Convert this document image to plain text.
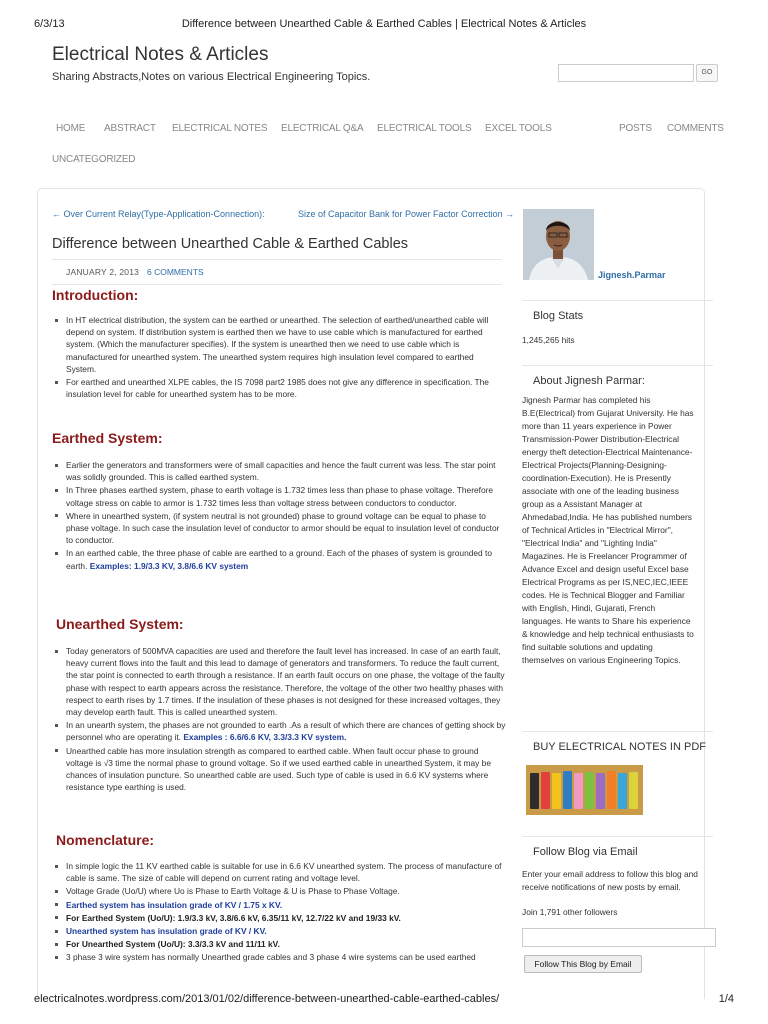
6/3/13	Difference between Unearthed Cable & Earthed Cables | Electrical Notes & Articles
Electrical Notes & Articles
Sharing Abstracts,Notes on various Electrical Engineering Topics.	GO
HOME ABSTRACT ELECTRICAL NOTES ELECTRICAL Q&A ELECTRICAL TOOLS EXCEL TOOLS
UNCATEGORIZED
POSTS COMMENTS
← Over Current Relay(Type-Application-Connection):	Size of Capacitor Bank for Power Factor Correction →
Difference between Unearthed Cable & Earthed Cables
JANUARY 2, 2013 6 COMMENTS
Introduction:
In HT electrical distribution, the system can be earthed or unearthed. The selection of earthed/unearthed cable will depend on system. If distribution system is earthed then we have to use cable which is manufactured for earthed system. (Which the manufacturer specifies). If the system is unearthed then we need to use cable which is manufactured for unearthed system. The unearthed system requires high insulation level compared to earthed System.
For earthed and unearthed XLPE cables, the IS 7098 part2 1985 does not give any difference in specification. The insulation level for cable for unearthed system has to be more.
Earthed System:
Earlier the generators and transformers were of small capacities and hence the fault current was less. The star point was solidly grounded. This is called earthed system.
In Three phases earthed system, phase to earth voltage is 1.732 times less than phase to phase voltage. Therefore voltage stress on cable to armor is 1.732 times less than voltage stress between conductors to conductor.
Where in unearthed system, (if system neutral is not grounded) phase to ground voltage can be equal to phase to phase voltage. In such case the insulation level of conductor to armor should be equal to insulation level of conductor to conductor.
In an earthed cable, the three phase of cable are earthed to a ground. Each of the phases of system is grounded to earth. Examples: 1.9/3.3 KV, 3.8/6.6 KV system
Unearthed System:
Today generators of 500MVA capacities are used and therefore the fault level has increased. In case of an earth fault, heavy current flows into the fault and this lead to damage of generators and transformers. To reduce the fault current, the star point is connected to earth through a resistance. If an earth fault occurs on one phase, the voltage of the faulty phase with respect to earth appears across the resistance. Therefore, the voltage of the other two healthy phases with respect to earth rises by 1.7 times. If the insulation of these phases is not designed for these increased voltages, they may develop earth fault. This is called unearthed system.
In an unearth system, the phases are not grounded to earth .As a result of which there are chances of getting shock by personnel who are operating it. Examples : 6.6/6.6 KV, 3.3/3.3 KV system.
Unearthed cable has more insulation strength as compared to earthed cable. When fault occur phase to ground voltage is √3 time the normal phase to ground voltage. So if we used earthed cable in unearthed System, it may be chances of insulation puncture. So unearthed cable are used. Such type of cable is used in 6.6 KV systems where resistance type earthing is used.
Nomenclature:
In simple logic the 11 KV earthed cable is suitable for use in 6.6 KV unearthed system. The process of manufacture of cable is same. The size of cable will depend on current rating and voltage level.
Voltage Grade (Uo/U) where Uo is Phase to Earth Voltage & U is Phase to Phase Voltage.
Earthed system has insulation grade of KV / 1.75 x KV.
For Earthed System (Uo/U): 1.9/3.3 kV, 3.8/6.6 kV, 6.35/11 kV, 12.7/22 kV and 19/33 kV.
Unearthed system has insulation grade of KV / KV.
For Unearthed System (Uo/U): 3.3/3.3 kV and 11/11 kV.
3 phase 3 wire system has normally Unearthed grade cables and 3 phase 4 wire systems can be used earthed
Jignesh.Parmar
Blog Stats
1,245,265 hits
About Jignesh Parmar:
Jignesh Parmar has completed his B.E(Electrical) from Gujarat University. He has more than 11 years experience in Power Transmission-Power Distribution-Electrical energy theft detection-Electrical Maintenance-Electrical Projects(Planning-Designing-coordination-Execution). He is Presently associate with one of the leading business group as a Assistant Manager at Ahmedabad,India. He has published numbers of Technical Articles in "Electrical Mirror", "Electrical India" and "Lighting India" Magazines. He is Freelancer Programmer of Advance Excel and design useful Excel base Electrical Programs as per IS,NEC,IEC,IEEE codes. He is Technical Blogger and Familiar with English, Hindi, Gujarati, French languages. He wants to Share his experience & knowledge and help technical enthusiasts to find suitable solutions and updating themselves on various Engineering Topics.
BUY ELECTRICAL NOTES IN PDF
Follow Blog via Email
Enter your email address to follow this blog and receive notifications of new posts by email.
Join 1,791 other followers
Follow This Blog by Email
electricalnotes.wordpress.com/2013/01/02/difference-between-unearthed-cable-earthed-cables/	1/4
